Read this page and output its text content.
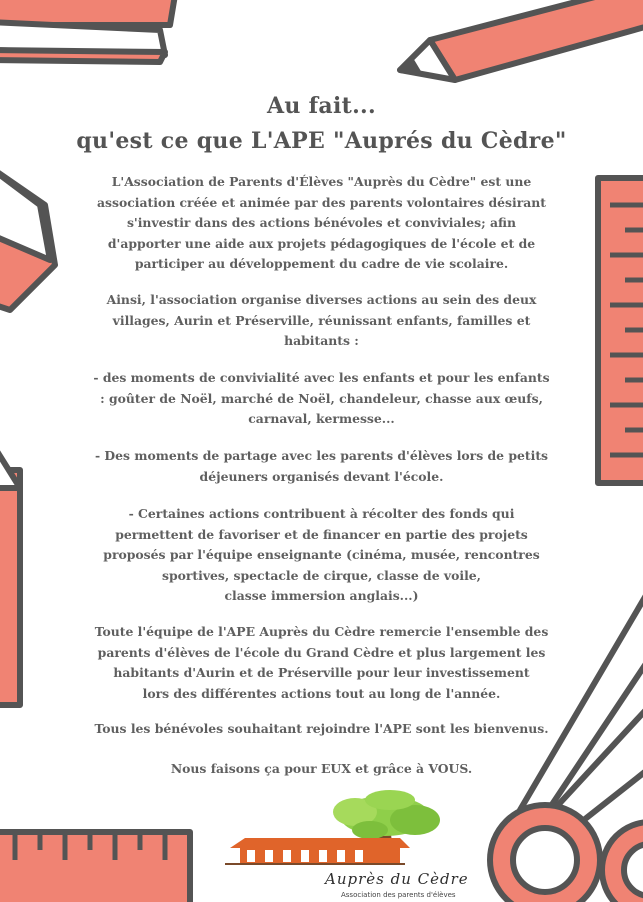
Au fait...
qu'est ce que L'APE "Auprés du Cèdre"
L'Association de Parents d'Élèves "Auprès du Cèdre" est une
association créée et animée par des parents volontaires désirant
s'investir dans des actions bénévoles et conviviales; afin
d'apporter une aide aux projets pédagogiques de l'école et de
participer au développement du cadre de vie scolaire.
Ainsi, l'association organise diverses actions au sein des deux
villages, Aurin et Préserville, réunissant enfants, familles et
habitants :
- des moments de convivialité avec les enfants et pour les enfants
: goûter de Noël, marché de Noël, chandeleur, chasse aux œufs,
carnaval, kermesse...
- Des moments de partage avec les parents d'élèves lors de petits
déjeuners organisés devant l'école.
- Certaines actions contribuent à récolter des fonds qui
permettent de favoriser et de financer en partie des projets
proposés par l'équipe enseignante (cinéma, musée, rencontres
sportives, spectacle de cirque, classe de voile,
classe immersion anglais...)
Toute l'équipe de l'APE Auprès du Cèdre remercie l'ensemble des
parents d'élèves de l'école du Grand Cèdre et plus largement les
habitants d'Aurin et de Préserville pour leur investissement
lors des différentes actions tout au long de l'année.
Tous les bénévoles souhaitant rejoindre l'APE sont les bienvenus.
Nous faisons ça pour EUX et grâce à VOUS.
Auprès du Cèdre
Association des parents d'élèves
